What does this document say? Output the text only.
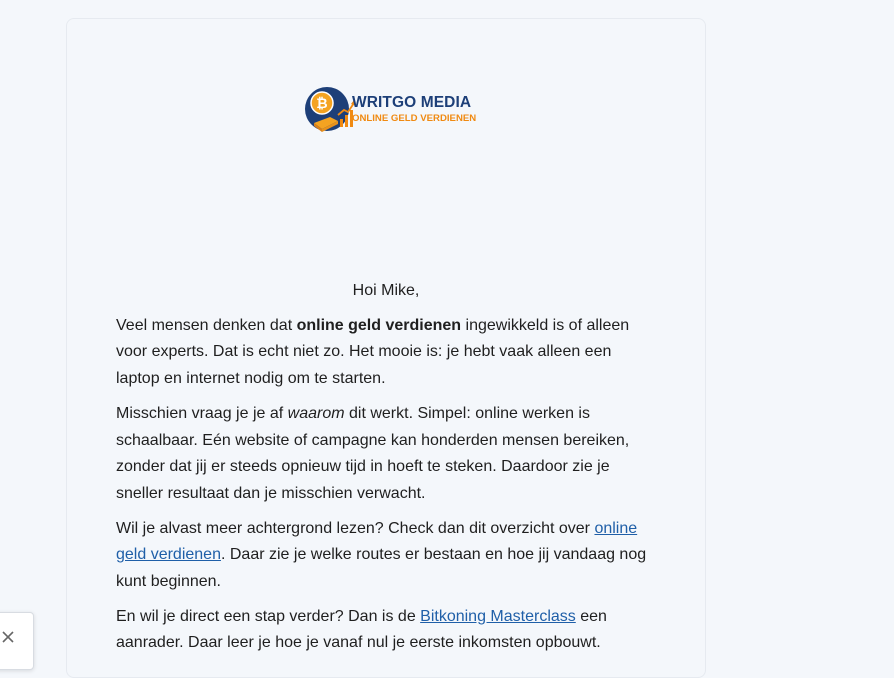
₿ WRITGO MEDIA
ONLINE GELD VERDIENEN
Hoi Mike,

Veel mensen denken dat online geld verdienen ingewikkeld is of alleen voor experts. Dat is echt niet zo. Het mooie is: je hebt vaak alleen een laptop en internet nodig om te starten.

Misschien vraag je je af waarom dit werkt. Simpel: online werken is schaalbaar. Eén website of campagne kan honderden mensen bereiken, zonder dat jij er steeds opnieuw tijd in hoeft te steken. Daardoor zie je sneller resultaat dan je misschien verwacht.

Wil je alvast meer achtergrond lezen? Check dan dit overzicht over online geld verdienen. Daar zie je welke routes er bestaan en hoe jij vandaag nog kunt beginnen.

En wil je direct een stap verder? Dan is de Bitkoning Masterclass een aanrader. Daar leer je hoe je vanaf nul je eerste inkomsten opbouwt.
